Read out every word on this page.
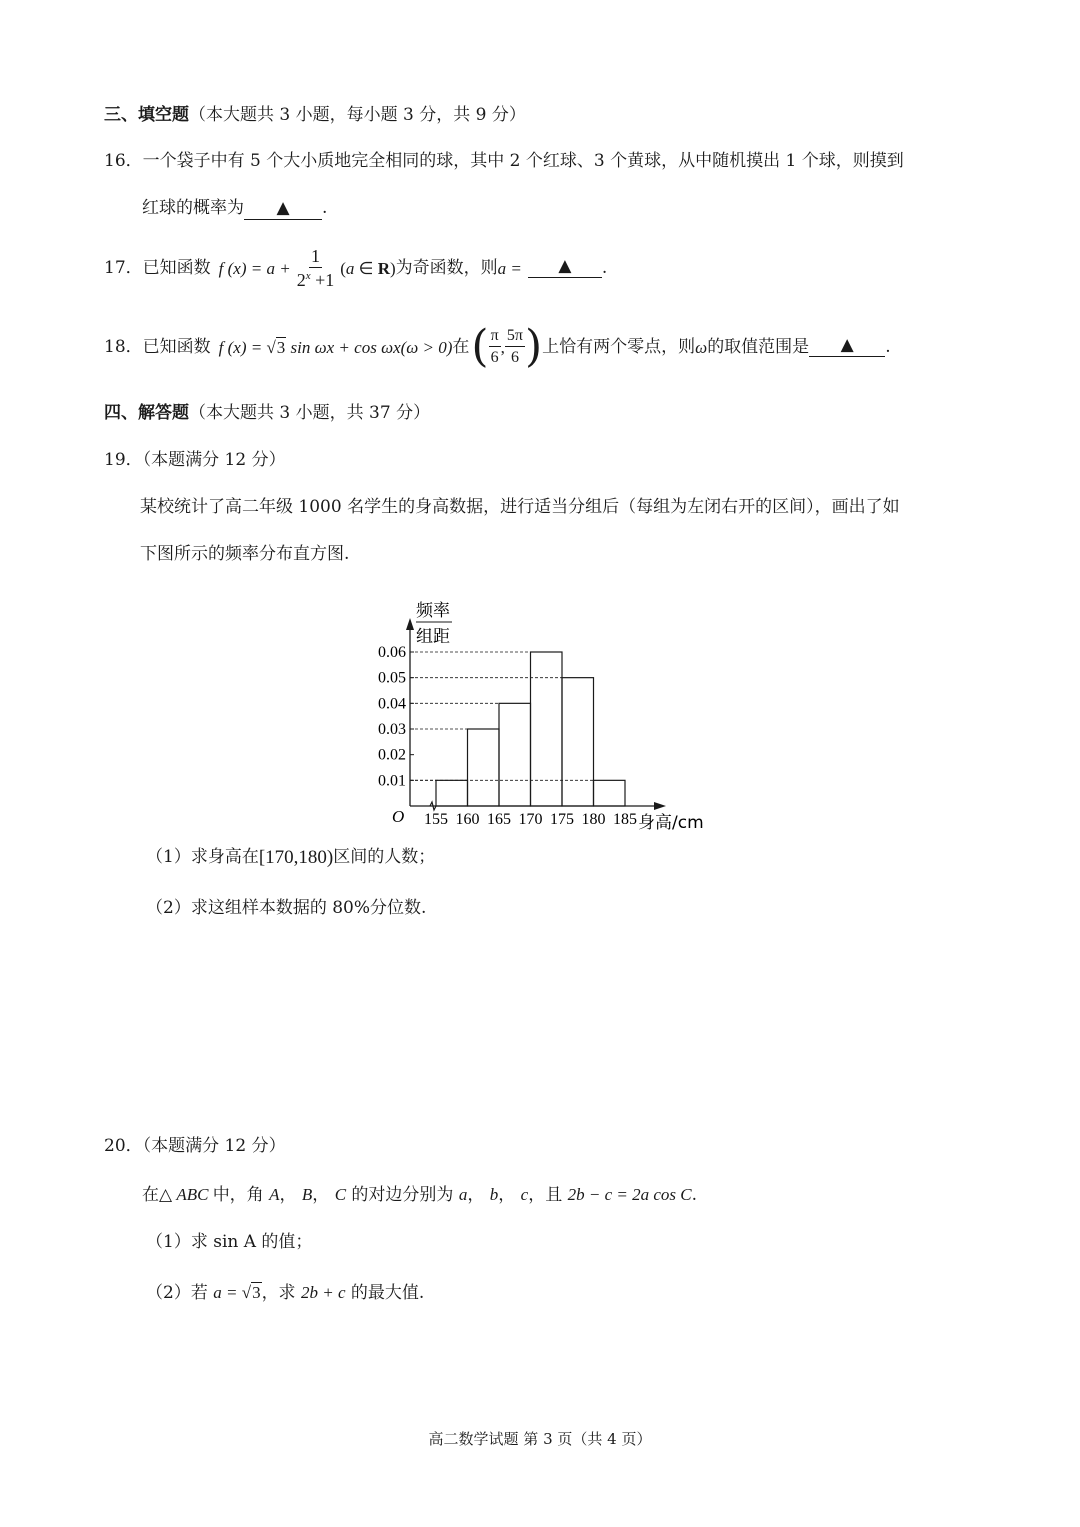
三、填空题（本大题共 3 小题，每小题 3 分，共 9 分）
16．一个袋子中有 5 个大小质地完全相同的球，其中 2 个红球、3 个黄球，从中随机摸出 1 个球，则摸到
红球的概率为 ▲ .
17． 已知函数 f $(x) = a + \frac{1}{2^x +1} (a$ ∈ R) 为奇函数，则 a =	▲	.
18． 已知函数 f (x) = √3 sin ωx + cos ωx (ω > 0) 在 ( $\frac{\pi}{6}$ , $\frac{5\pi}{6}$ ) 上恰有两个零点，则 ω 的取值范围是	▲	.
四、解答题（本大题共 3 小题，共 37 分）
19．（本题满分 12 分）
某校统计了高二年级 1000 名学生的身高数据，进行适当分组后（每组为左闭右开的区间），画出了如
下图所示的频率分布直方图.
频率
组距
O
0.01
0.02
0.03
0.04
0.05
0.06
155 160 165 170 175 180 185 身高/cm
（1）求身高在 [170,180) 区间的人数；
（2）求这组样本数据的 80%分位数.
20．（本题满分 12 分）
在△ ABC 中，角 A， B， C 的对边分别为 a， b， c，且 2b − c = 2a cos C.
（1）求 sin A 的值；
（2）若 a = √3，求 2b + c 的最大值.
高二数学试题 第 3 页（共 4 页）
